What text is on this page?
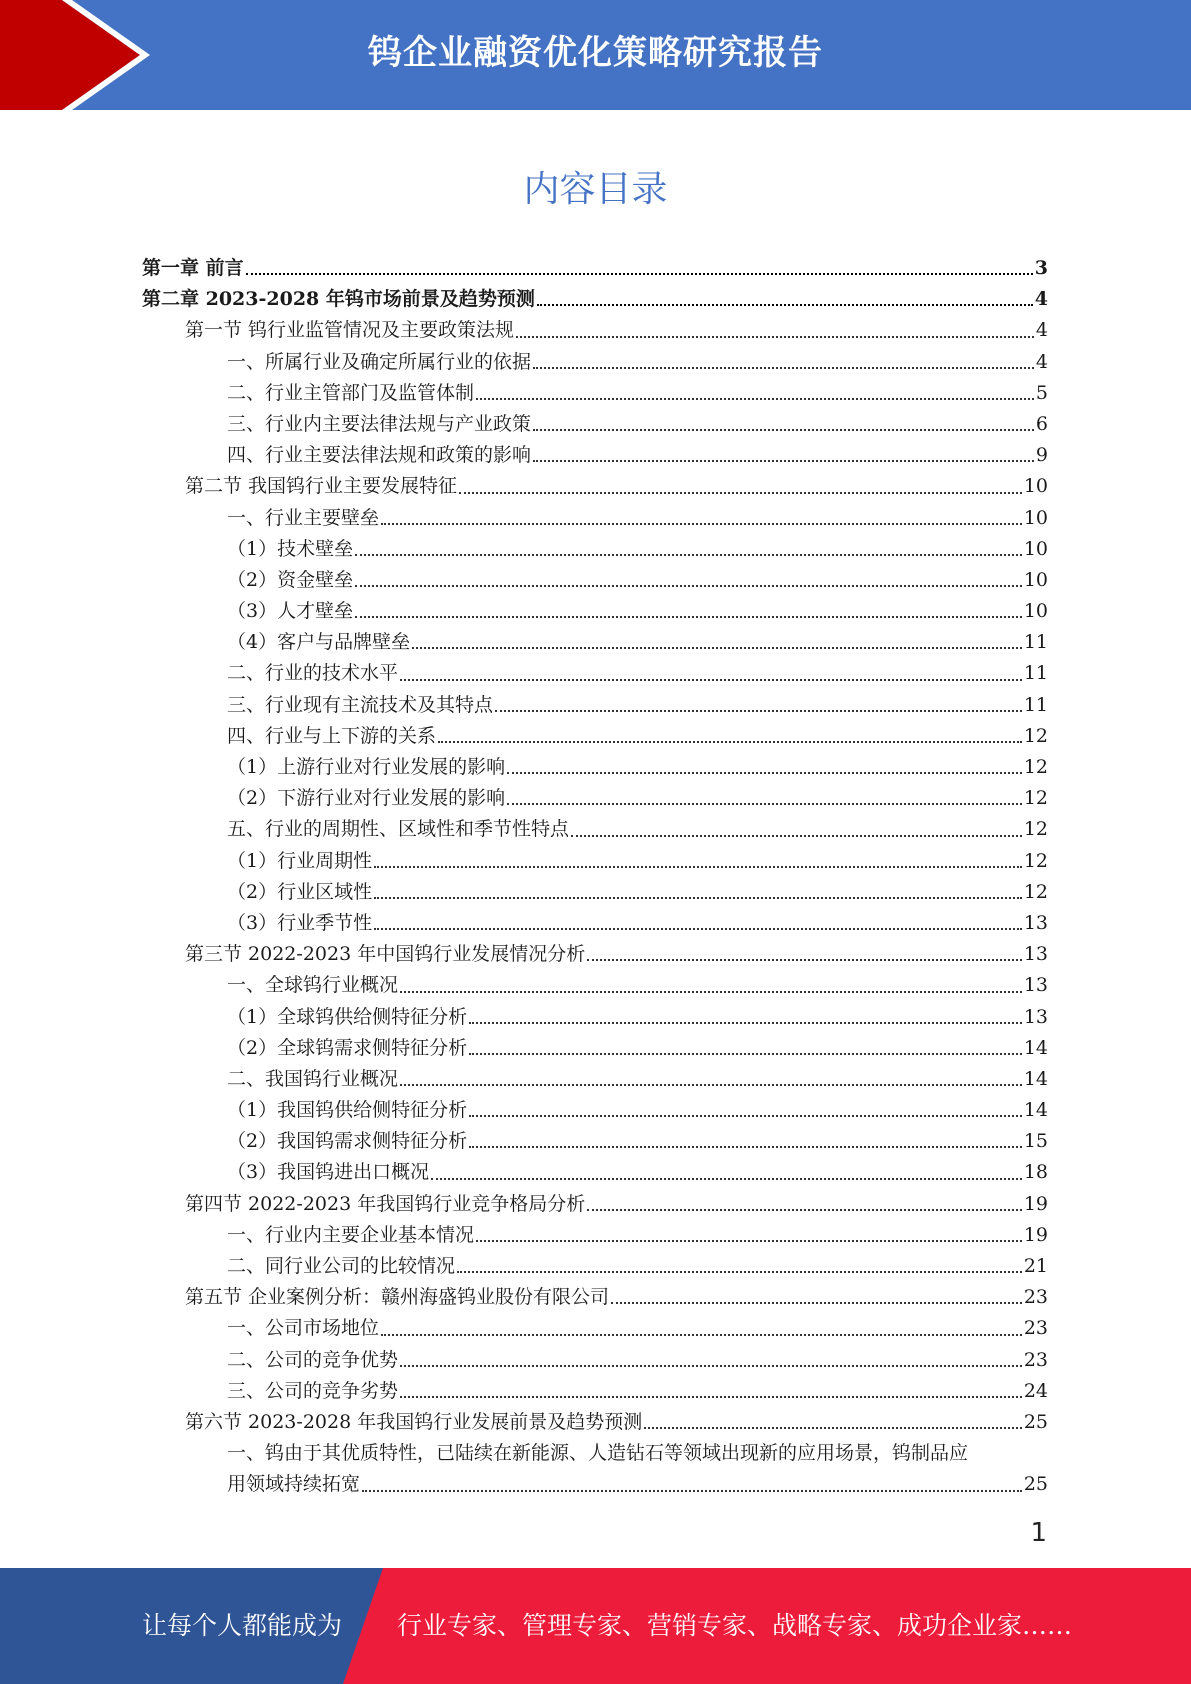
钨企业融资优化策略研究报告
内容目录
第一章 前言	3
第二章 2023-2028 年钨市场前景及趋势预测	4
第一节 钨行业监管情况及主要政策法规	4
一、所属行业及确定所属行业的依据	4
二、行业主管部门及监管体制	5
三、行业内主要法律法规与产业政策	6
四、行业主要法律法规和政策的影响	9
第二节 我国钨行业主要发展特征	10
一、行业主要壁垒	10
（1）技术壁垒	10
（2）资金壁垒	10
（3）人才壁垒	10
（4）客户与品牌壁垒	11
二、行业的技术水平	11
三、行业现有主流技术及其特点	11
四、行业与上下游的关系	12
（1）上游行业对行业发展的影响	12
（2）下游行业对行业发展的影响	12
五、行业的周期性、区域性和季节性特点	12
（1）行业周期性	12
（2）行业区域性	12
（3）行业季节性	13
第三节 2022-2023 年中国钨行业发展情况分析	13
一、全球钨行业概况	13
（1）全球钨供给侧特征分析	13
（2）全球钨需求侧特征分析	14
二、我国钨行业概况	14
（1）我国钨供给侧特征分析	14
（2）我国钨需求侧特征分析	15
（3）我国钨进出口概况	18
第四节 2022-2023 年我国钨行业竞争格局分析	19
一、行业内主要企业基本情况	19
二、同行业公司的比较情况	21
第五节 企业案例分析：赣州海盛钨业股份有限公司	23
一、公司市场地位	23
二、公司的竞争优势	23
三、公司的竞争劣势	24
第六节 2023-2028 年我国钨行业发展前景及趋势预测	25
一、钨由于其优质特性，已陆续在新能源、人造钻石等领域出现新的应用场景，钨制品应
用领域持续拓宽	25
1
让每个人都能成为 行业专家、管理专家、营销专家、战略专家、成功企业家……
